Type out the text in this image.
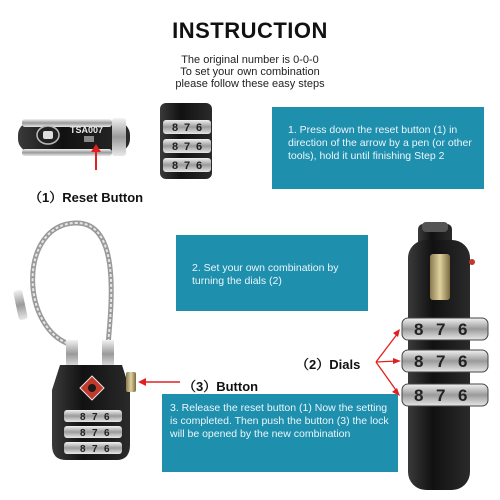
INSTRUCTION
The original number is 0-0-0
To set your own combination
please follow these easy steps
1. Press down the reset button (1) in direction of the arrow by a pen (or other tools), hold it until finishing Step 2
2. Set your own combination by turning the dials (2)
3. Release the reset button (1) Now the setting is completed. Then push the button (3) the lock will be opened by the new combination
（1）Reset Button
（3）Button
（2）Dials
TSA007	8 7 6
8 7 6
8 7 6
8 7 6
8 7 6
8 7 6
8 7 6
8 7 6
8 7 6
